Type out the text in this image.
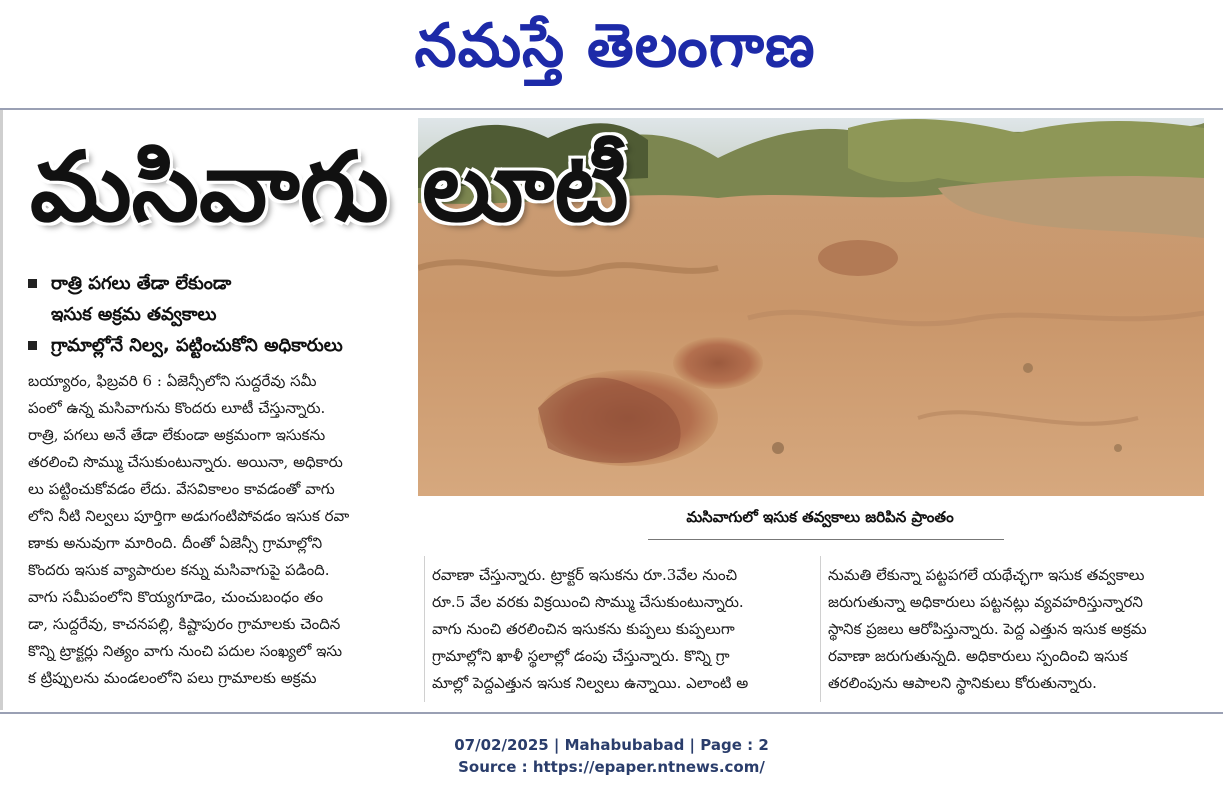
నమస్తే తెలంగాణ
మసివాగు లూటీ
రాత్రి పగలు తేడా లేకుండా
ఇసుక అక్రమ తవ్వకాలు
గ్రామాల్లోనే నిల్వ, పట్టించుకోని అధికారులు
మసివాగులో ఇసుక తవ్వకాలు జరిపిన ప్రాంతం
బయ్యారం, ఫిబ్రవరి 6 : ఏజెన్సీలోని సుద్దరేవు సమీ
పంలో ఉన్న మసివాగును కొందరు లూటీ చేస్తున్నారు.
రాత్రి, పగలు అనే తేడా లేకుండా అక్రమంగా ఇసుకను
తరలించి సొమ్ము చేసుకుంటున్నారు. అయినా, అధికారు
లు పట్టించుకోవడం లేదు. వేసవికాలం కావడంతో వాగు
లోని నీటి నిల్వలు పూర్తిగా అడుగంటిపోవడం ఇసుక రవా
ణాకు అనువుగా మారింది. దీంతో ఏజెన్సీ గ్రామాల్లోని
కొందరు ఇసుక వ్యాపారుల కన్ను మసివాగుపై పడింది.
వాగు సమీపంలోని కొయ్యగూడెం, చుంచుబంధం తం
డా, సుద్దరేవు, కాచనపల్లి, కిష్టాపురం గ్రామాలకు చెందిన
కొన్ని ట్రాక్టర్లు నిత్యం వాగు నుంచి పదుల సంఖ్యలో ఇసు
క ట్రిప్పులను మండలంలోని పలు గ్రామాలకు అక్రమ
రవాణా చేస్తున్నారు. ట్రాక్టర్ ఇసుకను రూ.3వేల నుంచి
రూ.5 వేల వరకు విక్రయించి సొమ్ము చేసుకుంటున్నారు.
వాగు నుంచి తరలించిన ఇసుకను కుప్పలు కుప్పలుగా
గ్రామాల్లోని ఖాళీ స్థలాల్లో డంపు చేస్తున్నారు. కొన్ని గ్రా
మాల్లో పెద్దఎత్తున ఇసుక నిల్వలు ఉన్నాయి. ఎలాంటి అ
నుమతి లేకున్నా పట్టపగలే యథేచ్ఛగా ఇసుక తవ్వకాలు
జరుగుతున్నా అధికారులు పట్టనట్లు వ్యవహరిస్తున్నారని
స్థానిక ప్రజలు ఆరోపిస్తున్నారు. పెద్ద ఎత్తున ఇసుక అక్రమ
రవాణా జరుగుతున్నది. అధికారులు స్పందించి ఇసుక
తరలింపును ఆపాలని స్థానికులు కోరుతున్నారు.
07/02/2025 | Mahabubabad | Page : 2
Source : https://epaper.ntnews.com/
